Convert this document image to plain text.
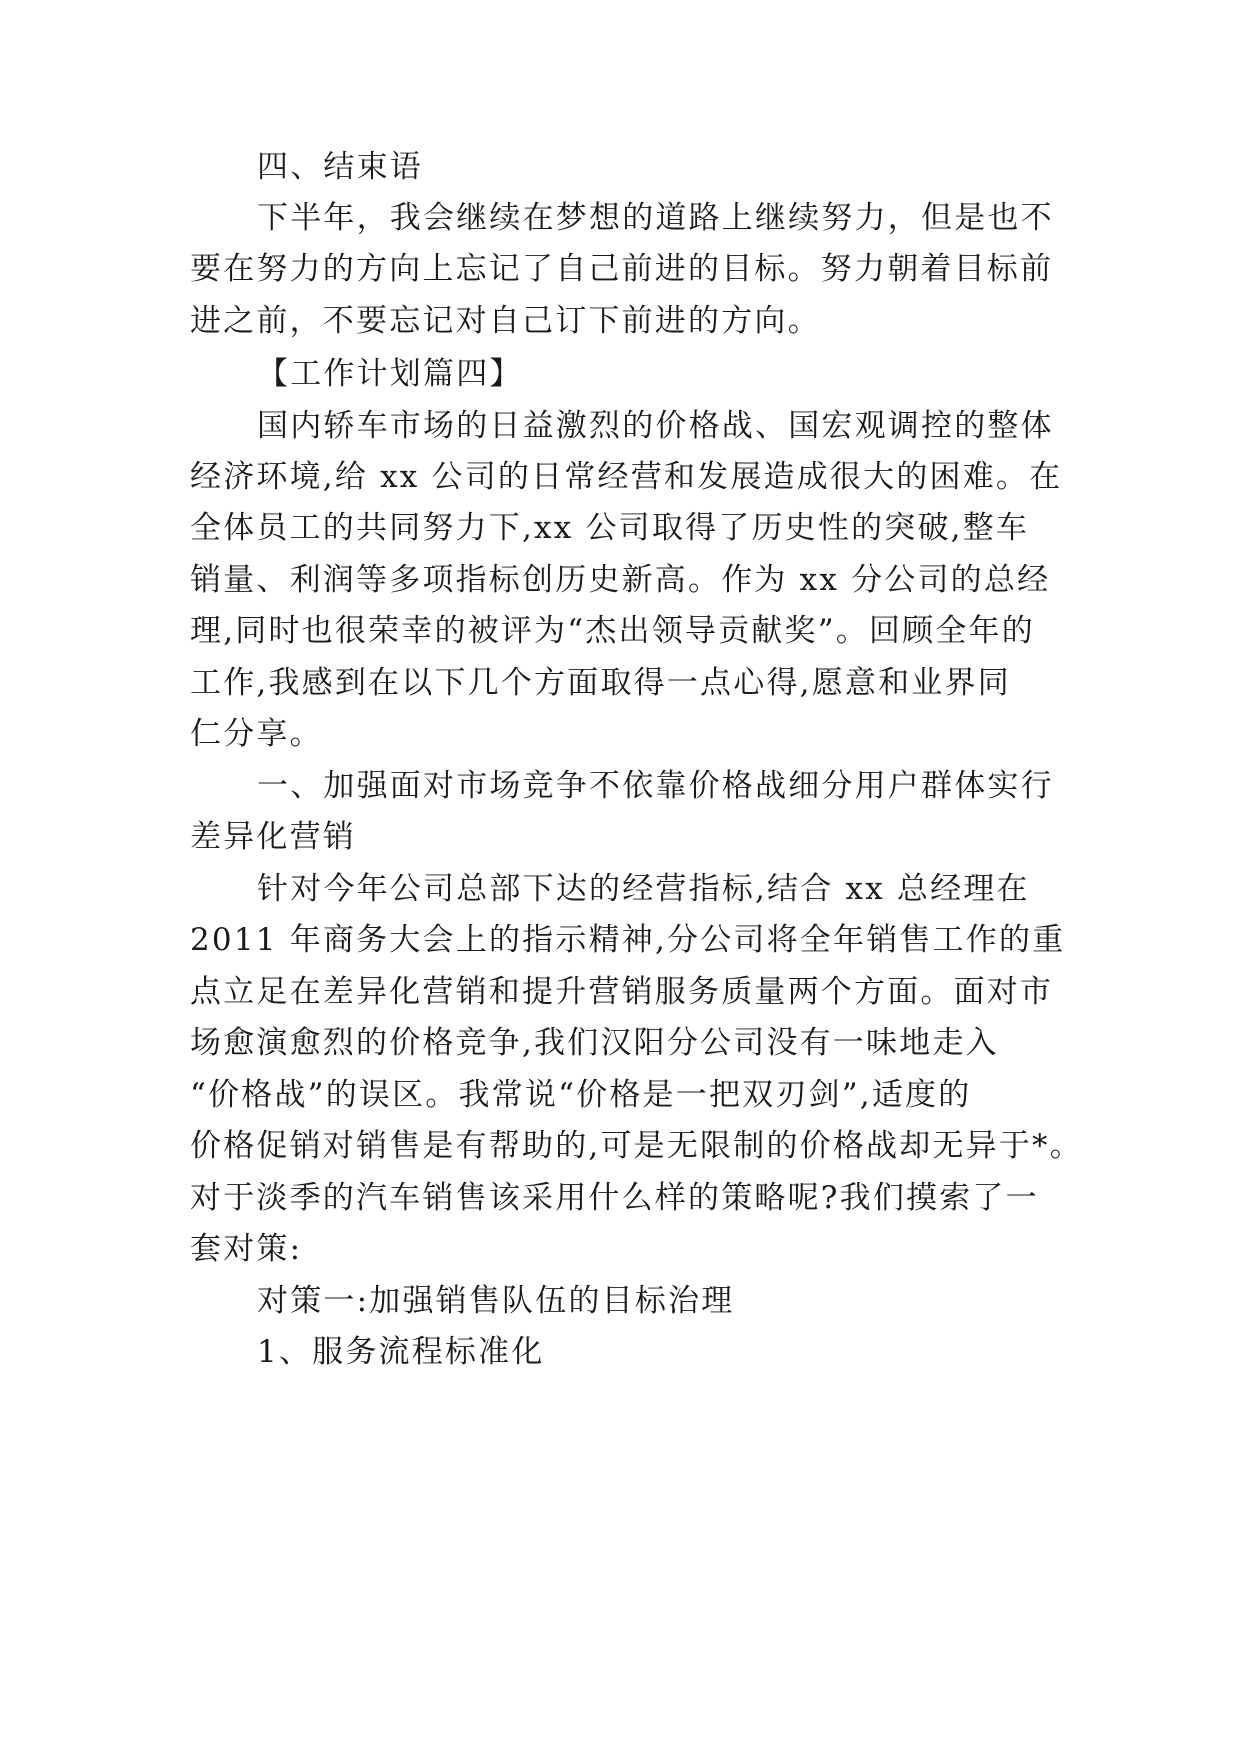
四、结束语

下半年，我会继续在梦想的道路上继续努力，但是也不

要在努力的方向上忘记了自己前进的目标。努力朝着目标前

进之前，不要忘记对自己订下前进的方向。

【工作计划篇四】

国内轿车市场的日益激烈的价格战、国宏观调控的整体

经济环境,给 xx 公司的日常经营和发展造成很大的困难。在

全体员工的共同努力下,xx 公司取得了历史性的突破,整车

销量、利润等多项指标创历史新高。作为 xx 分公司的总经

理,同时也很荣幸的被评为“杰出领导贡献奖”。回顾全年的

工作,我感到在以下几个方面取得一点心得,愿意和业界同

仁分享。

一、加强面对市场竞争不依靠价格战细分用户群体实行

差异化营销

针对今年公司总部下达的经营指标,结合 xx 总经理在

2011 年商务大会上的指示精神,分公司将全年销售工作的重

点立足在差异化营销和提升营销服务质量两个方面。面对市

场愈演愈烈的价格竞争,我们汉阳分公司没有一味地走入

“价格战”的误区。我常说“价格是一把双刃剑”,适度的

价格促销对销售是有帮助的,可是无限制的价格战却无异于*。

对于淡季的汽车销售该采用什么样的策略呢?我们摸索了一

套对策:

对策一:加强销售队伍的目标治理

1、服务流程标准化
